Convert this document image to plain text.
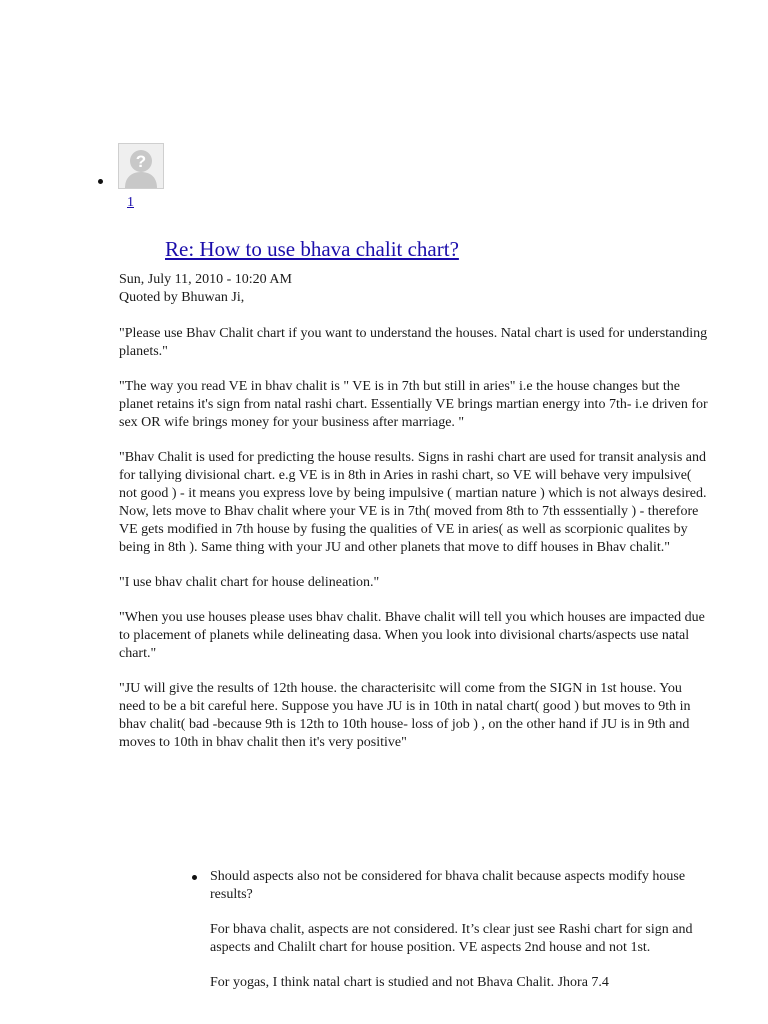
?
1
Re: How to use bhava chalit chart?
Sun, July 11, 2010 - 10:20 AM
Quoted by Bhuwan Ji,

"Please use Bhav Chalit chart if you want to understand the houses. Natal chart is used for understanding planets."

"The way you read VE in bhav chalit is " VE is in 7th but still in aries" i.e the house changes but the planet retains it's sign from natal rashi chart. Essentially VE brings martian energy into 7th- i.e driven for sex OR wife brings money for your business after marriage. "

"Bhav Chalit is used for predicting the house results. Signs in rashi chart are used for transit analysis and for tallying divisional chart. e.g VE is in 8th in Aries in rashi chart, so VE will behave very impulsive( not good ) - it means you express love by being impulsive ( martian nature ) which is not always desired. Now, lets move to Bhav chalit where your VE is in 7th( moved from 8th to 7th esssentially ) - therefore VE gets modified in 7th house by fusing the qualities of VE in aries( as well as scorpionic qualites by being in 8th ). Same thing with your JU and other planets that move to diff houses in Bhav chalit."

"I use bhav chalit chart for house delineation."

"When you use houses please uses bhav chalit. Bhave chalit will tell you which houses are impacted due to placement of planets while delineating dasa. When you look into divisional charts/aspects use natal chart."

"JU will give the results of 12th house. the characterisitc will come from the SIGN in 1st house. You need to be a bit careful here. Suppose you have JU is in 10th in natal chart( good ) but moves to 9th in bhav chalit( bad -because 9th is 12th to 10th house- loss of job ) , on the other hand if JU is in 9th and moves to 10th in bhav chalit then it's very positive"

Should aspects also not be considered for bhava chalit because aspects modify house results?

For bhava chalit, aspects are not considered. It’s clear just see Rashi chart for sign and aspects and Chalilt chart for house position. VE aspects 2nd house and not 1st.

For yogas, I think natal chart is studied and not Bhava Chalit. Jhora 7.4
